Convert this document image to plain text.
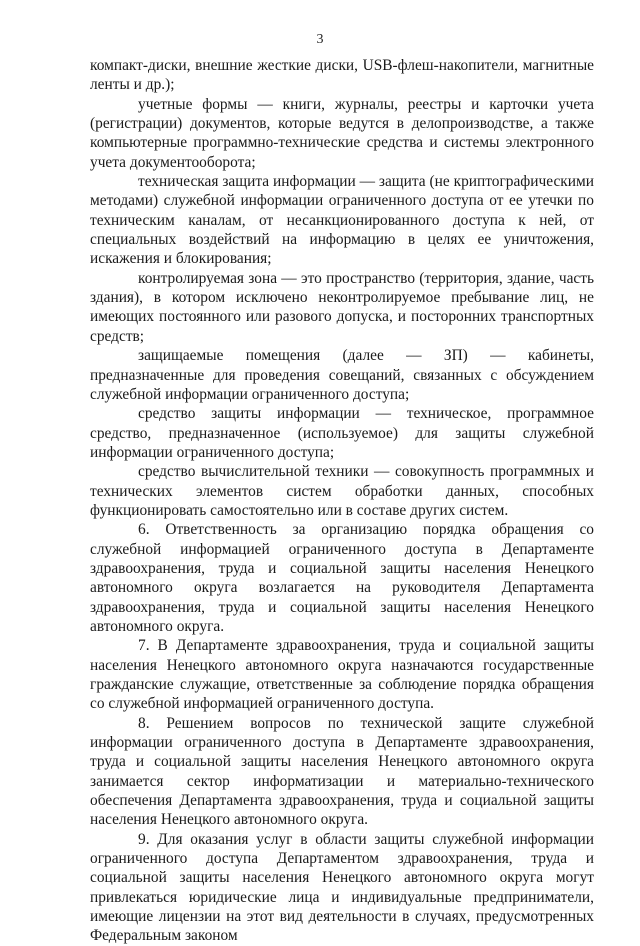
3

компакт-диски, внешние жесткие диски, USB-флеш-накопители, магнитные ленты и др.);

учетные формы — книги, журналы, реестры и карточки учета (регистрации) документов, которые ведутся в делопроизводстве, а также компьютерные программно-технические средства и системы электронного учета документооборота;

техническая защита информации — защита (не криптографическими методами) служебной информации ограниченного доступа от ее утечки по техническим каналам, от несанкционированного доступа к ней, от специальных воздействий на информацию в целях ее уничтожения, искажения и блокирования;

контролируемая зона — это пространство (территория, здание, часть здания), в котором исключено неконтролируемое пребывание лиц, не имеющих постоянного или разового допуска, и посторонних транспортных средств;

защищаемые помещения (далее — ЗП) — кабинеты, предназначенные для проведения совещаний, связанных с обсуждением служебной информации ограниченного доступа;

средство защиты информации — техническое, программное средство, предназначенное (используемое) для защиты служебной информации ограниченного доступа;

средство вычислительной техники — совокупность программных и технических элементов систем обработки данных, способных функционировать самостоятельно или в составе других систем.

6. Ответственность за организацию порядка обращения со служебной информацией ограниченного доступа в Департаменте здравоохранения, труда и социальной защиты населения Ненецкого автономного округа возлагается на руководителя Департамента здравоохранения, труда и социальной защиты населения Ненецкого автономного округа.

7. В Департаменте здравоохранения, труда и социальной защиты населения Ненецкого автономного округа назначаются государственные гражданские служащие, ответственные за соблюдение порядка обращения со служебной информацией ограниченного доступа.

8. Решением вопросов по технической защите служебной информации ограниченного доступа в Департаменте здравоохранения, труда и социальной защиты населения Ненецкого автономного округа занимается сектор информатизации и материально-технического обеспечения Департамента здравоохранения, труда и социальной защиты населения Ненецкого автономного округа.

9. Для оказания услуг в области защиты служебной информации ограниченного доступа Департаментом здравоохранения, труда и социальной защиты населения Ненецкого автономного округа могут привлекаться юридические лица и индивидуальные предприниматели, имеющие лицензии на этот вид деятельности в случаях, предусмотренных Федеральным законом
